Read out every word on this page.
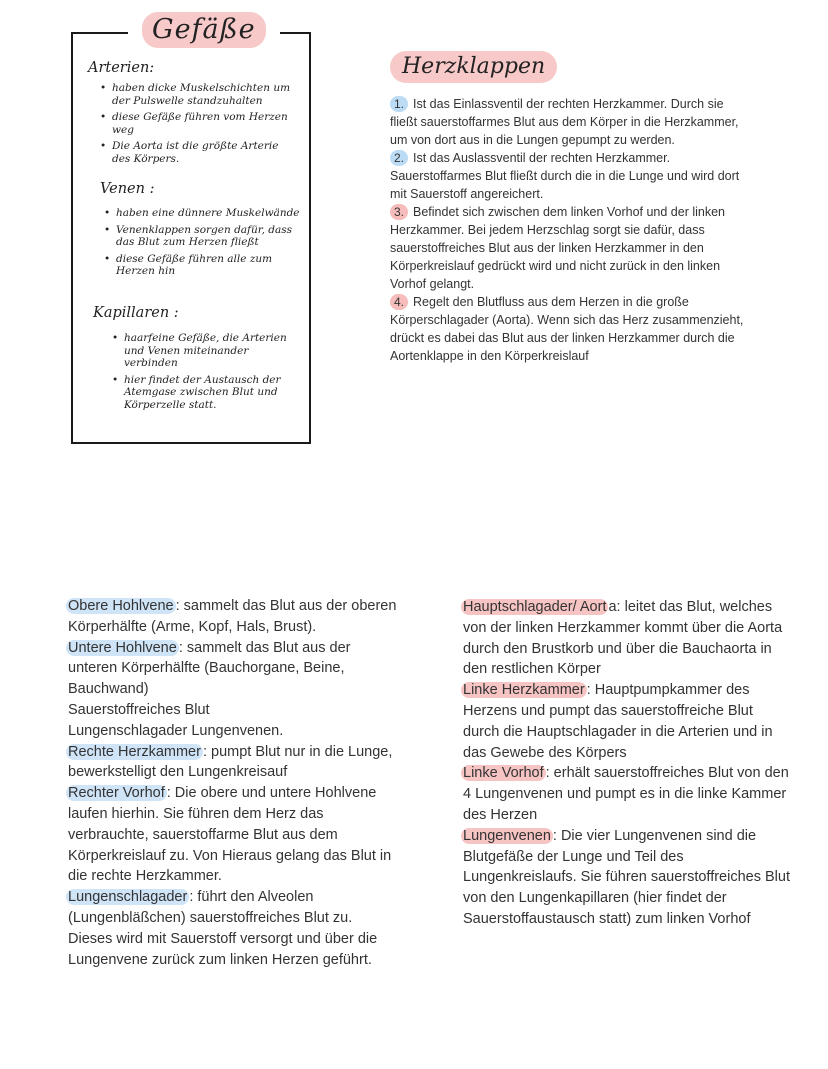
Gefäße
Arterien:
• haben dicke Muskelschichten um der Pulswelle standzuhalten
• diese Gefäße führen vom Herzen weg
• Die Aorta ist die größte Arterie des Körpers.
Venen :
• haben eine dünnere Muskelwände
• Venenklappen sorgen dafür, dass das Blut zum Herzen fließt
• diese Gefäße führen alle zum Herzen hin
Kapillaren :
• haarfeine Gefäße, die Arterien und Venen miteinander verbinden
• hier findet der Austausch der Atemgase zwischen Blut und Körperzelle statt.
Herzklappen
1. Ist das Einlassventil der rechten Herzkammer. Durch sie fließt sauerstoffarmes Blut aus dem Körper in die Herzkammer, um von dort aus in die Lungen gepumpt zu werden.
2. Ist das Auslassventil der rechten Herzkammer. Sauerstoffarmes Blut fließt durch die in die Lunge und wird dort mit Sauerstoff angereichert.
3. Befindet sich zwischen dem linken Vorhof und der linken Herzkammer. Bei jedem Herzschlag sorgt sie dafür, dass sauerstoffreiches Blut aus der linken Herzkammer in den Körperkreislauf gedrückt wird und nicht zurück in den linken Vorhof gelangt.
4. Regelt den Blutfluss aus dem Herzen in die große Körperschlagader (Aorta). Wenn sich das Herz zusammenzieht, drückt es dabei das Blut aus der linken Herzkammer durch die Aortenklappe in den Körperkreislauf
Obere Hohlvene : sammelt das Blut aus der oberen Körperhälfte (Arme, Kopf, Hals, Brust).
Untere Hohlvene : sammelt das Blut aus der unteren Körperhälfte (Bauchorgane, Beine, Bauchwand)
Sauerstoffreiches Blut
Lungenschlagader Lungenvenen.
Rechte Herzkammer : pumpt Blut nur in die Lunge, bewerkstelligt den Lungenkreisauf
Rechter Vorhof : Die obere und untere Hohlvene laufen hierhin. Sie führen dem Herz das verbrauchte, sauerstoffarme Blut aus dem Körperkreislauf zu. Von Hieraus gelang das Blut in die rechte Herzkammer.
Lungenschlagader : führt den Alveolen (Lungenbläßchen) sauerstoffreiches Blut zu. Dieses wird mit Sauerstoff versorgt und über die Lungenvene zurück zum linken Herzen geführt.
Hauptschlagader/ Aort a: leitet das Blut, welches von der linken Herzkammer kommt über die Aorta durch den Brustkorb und über die Bauchaorta in den restlichen Körper
Linke Herzkammer : Hauptpumpkammer des Herzens und pumpt das sauerstoffreiche Blut durch die Hauptschlagader in die Arterien und in das Gewebe des Körpers
Linke Vorhof : erhält sauerstoffreiches Blut von den 4 Lungenvenen und pumpt es in die linke Kammer des Herzen
Lungenvenen : Die vier Lungenvenen sind die Blutgefäße der Lunge und Teil des Lungenkreislaufs. Sie führen sauerstoffreiches Blut von den Lungenkapillaren (hier findet der Sauerstoffaustausch statt) zum linken Vorhof
